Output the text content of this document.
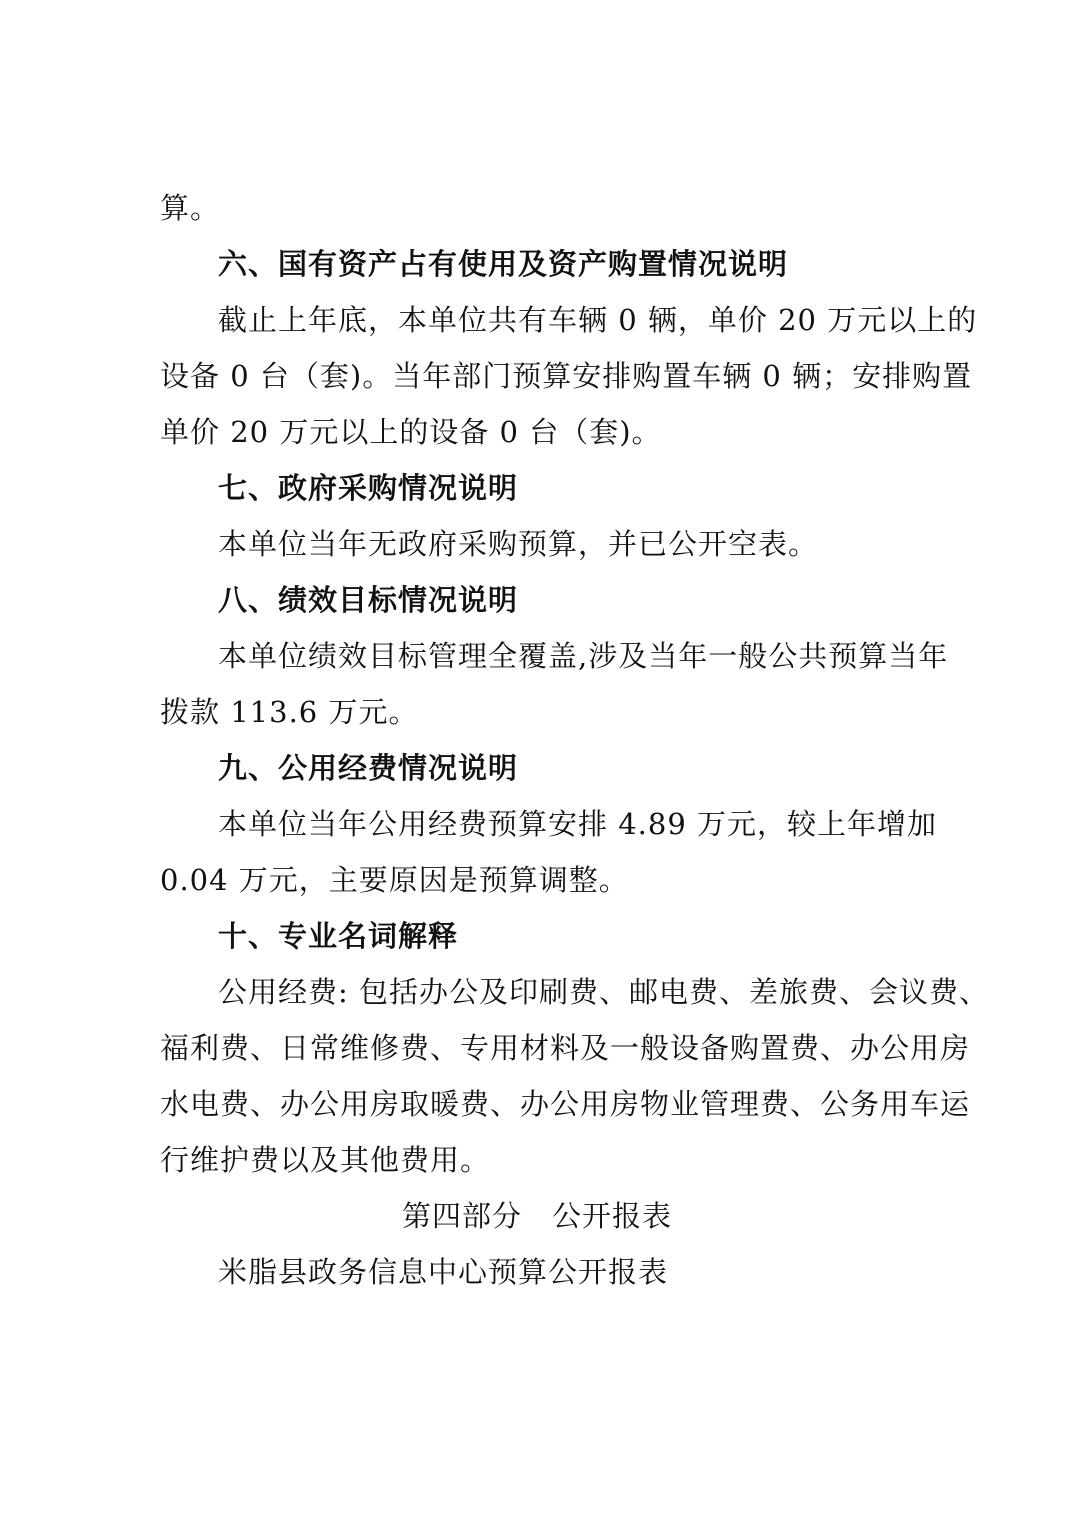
算。
六、国有资产占有使用及资产购置情况说明
截止上年底，本单位共有车辆 0 辆，单价 20 万元以上的
设备 0 台（套)。当年部门预算安排购置车辆 0 辆；安排购置
单价 20 万元以上的设备 0 台（套)。
七、政府采购情况说明
本单位当年无政府采购预算，并已公开空表。
八、绩效目标情况说明
本单位绩效目标管理全覆盖,涉及当年一般公共预算当年
拨款 113.6 万元。
九、公用经费情况说明
本单位当年公用经费预算安排 4.89 万元，较上年增加
0.04 万元，主要原因是预算调整。
十、专业名词解释
公用经费: 包括办公及印刷费、邮电费、差旅费、会议费、
福利费、日常维修费、专用材料及一般设备购置费、办公用房
水电费、办公用房取暖费、办公用房物业管理费、公务用车运
行维护费以及其他费用。
第四部分　公开报表
米脂县政务信息中心预算公开报表
